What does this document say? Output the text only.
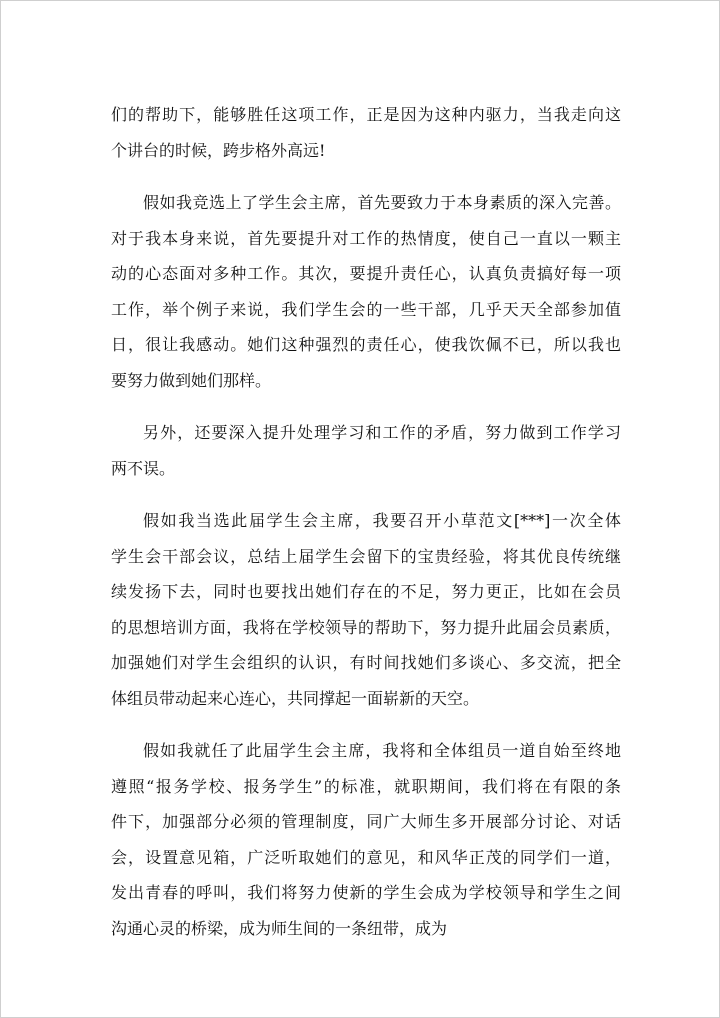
们的帮助下，能够胜任这项工作，正是因为这种内驱力，当我走向这
个讲台的时候，跨步格外高远!
假如我竞选上了学生会主席，首先要致力于本身素质的深入完善。
对于我本身来说，首先要提升对工作的热情度，使自己一直以一颗主
动的心态面对多种工作。其次，要提升责任心，认真负责搞好每一项
工作，举个例子来说，我们学生会的一些干部，几乎天天全部参加值
日，很让我感动。她们这种强烈的责任心，使我饮佩不已，所以我也
要努力做到她们那样。
另外，还要深入提升处理学习和工作的矛盾，努力做到工作学习
两不误。
假如我当选此届学生会主席，我要召开小草范文[***]一次全体
学生会干部会议，总结上届学生会留下的宝贵经验，将其优良传统继
续发扬下去，同时也要找出她们存在的不足，努力更正，比如在会员
的思想培训方面，我将在学校领导的帮助下，努力提升此届会员素质，
加强她们对学生会组织的认识，有时间找她们多谈心、多交流，把全
体组员带动起来心连心，共同撑起一面崭新的天空。
假如我就任了此届学生会主席，我将和全体组员一道自始至终地
遵照“报务学校、报务学生”的标准，就职期间，我们将在有限的条
件下，加强部分必须的管理制度，同广大师生多开展部分讨论、对话
会，设置意见箱，广泛听取她们的意见，和风华正茂的同学们一道，
发出青春的呼叫，我们将努力使新的学生会成为学校领导和学生之间
沟通心灵的桥梁，成为师生间的一条纽带，成为
